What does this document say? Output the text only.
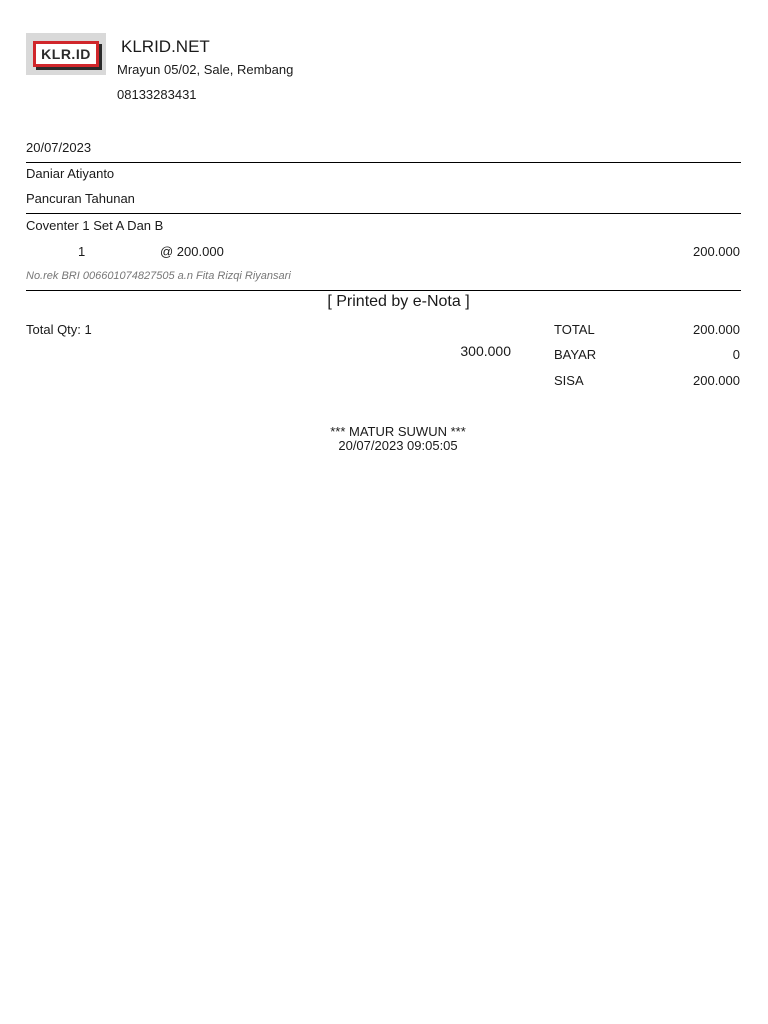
KLR.ID KLRID.NET
Mrayun 05/02, Sale, Rembang
08133283431
20/07/2023
Daniar Atiyanto
Pancuran Tahunan
Coventer 1 Set A Dan B
1	@ 200.000	200.000
No.rek BRI 006601074827505 a.n Fita Rizqi Riyansari
[ Printed by e-Nota ]
Total Qty: 1
300.000
TOTAL	200.000
BAYAR	0
SISA	200.000
*** MATUR SUWUN ***
20/07/2023 09:05:05
